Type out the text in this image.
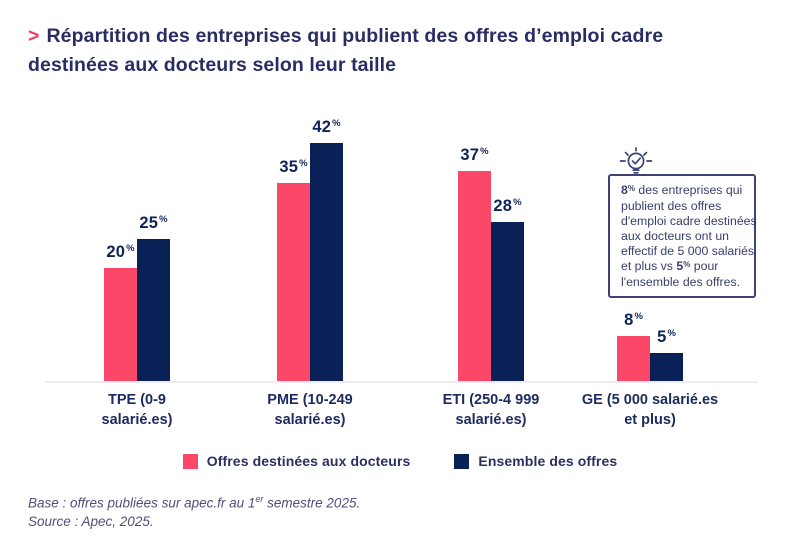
> Répartition des entreprises qui publient des offres d’emploi cadre
destinées aux docteurs selon leur taille
20%
25%
TPE (0-9
salarié.es)
35%
42%
PME (10-249
salarié.es)
37%
28%
ETI (250-4 999
salarié.es)
8%
5%
GE (5 000 salarié.es
et plus)
8% des entreprises qui
publient des offres
d'emploi cadre destinées
aux docteurs ont un
effectif de 5 000 salariés
et plus vs 5% pour
l'ensemble des offres.
Offres destinées aux docteurs	Ensemble des offres

Base : offres publiées sur apec.fr au 1er semestre 2025.
Source : Apec, 2025.
